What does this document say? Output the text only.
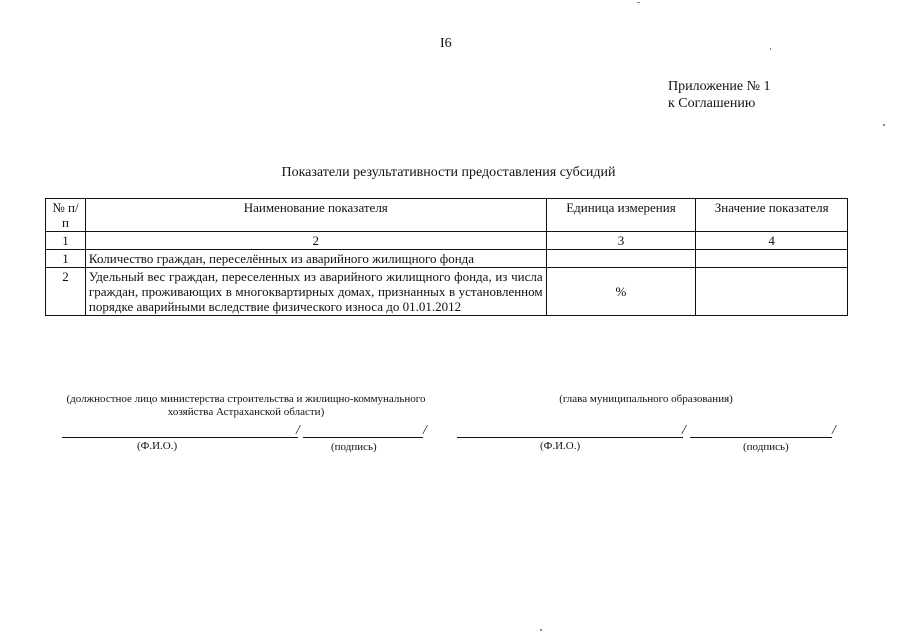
I6
Приложение № 1
к Соглашению
Показатели результативности предоставления субсидий
№ п/п	Наименование показателя	Единица измерения	Значение показателя
1	2	3	4
1	Количество граждан, переселённых из аварийного жилищного фонда		
2	Удельный вес граждан, переселенных из аварийного жилищного фонда, из числа граждан, проживающих в многоквартирных домах, признанных в установленном порядке аварийными вследствие физического износа до 01.01.2012	%	

(должностное лицо министерства строительства и жилищно-коммунального хозяйства Астраханской области)
/	/
(Ф.И.О.)	(подпись)
(глава муниципального образования)
/	/
(Ф.И.О.)	(подпись)
